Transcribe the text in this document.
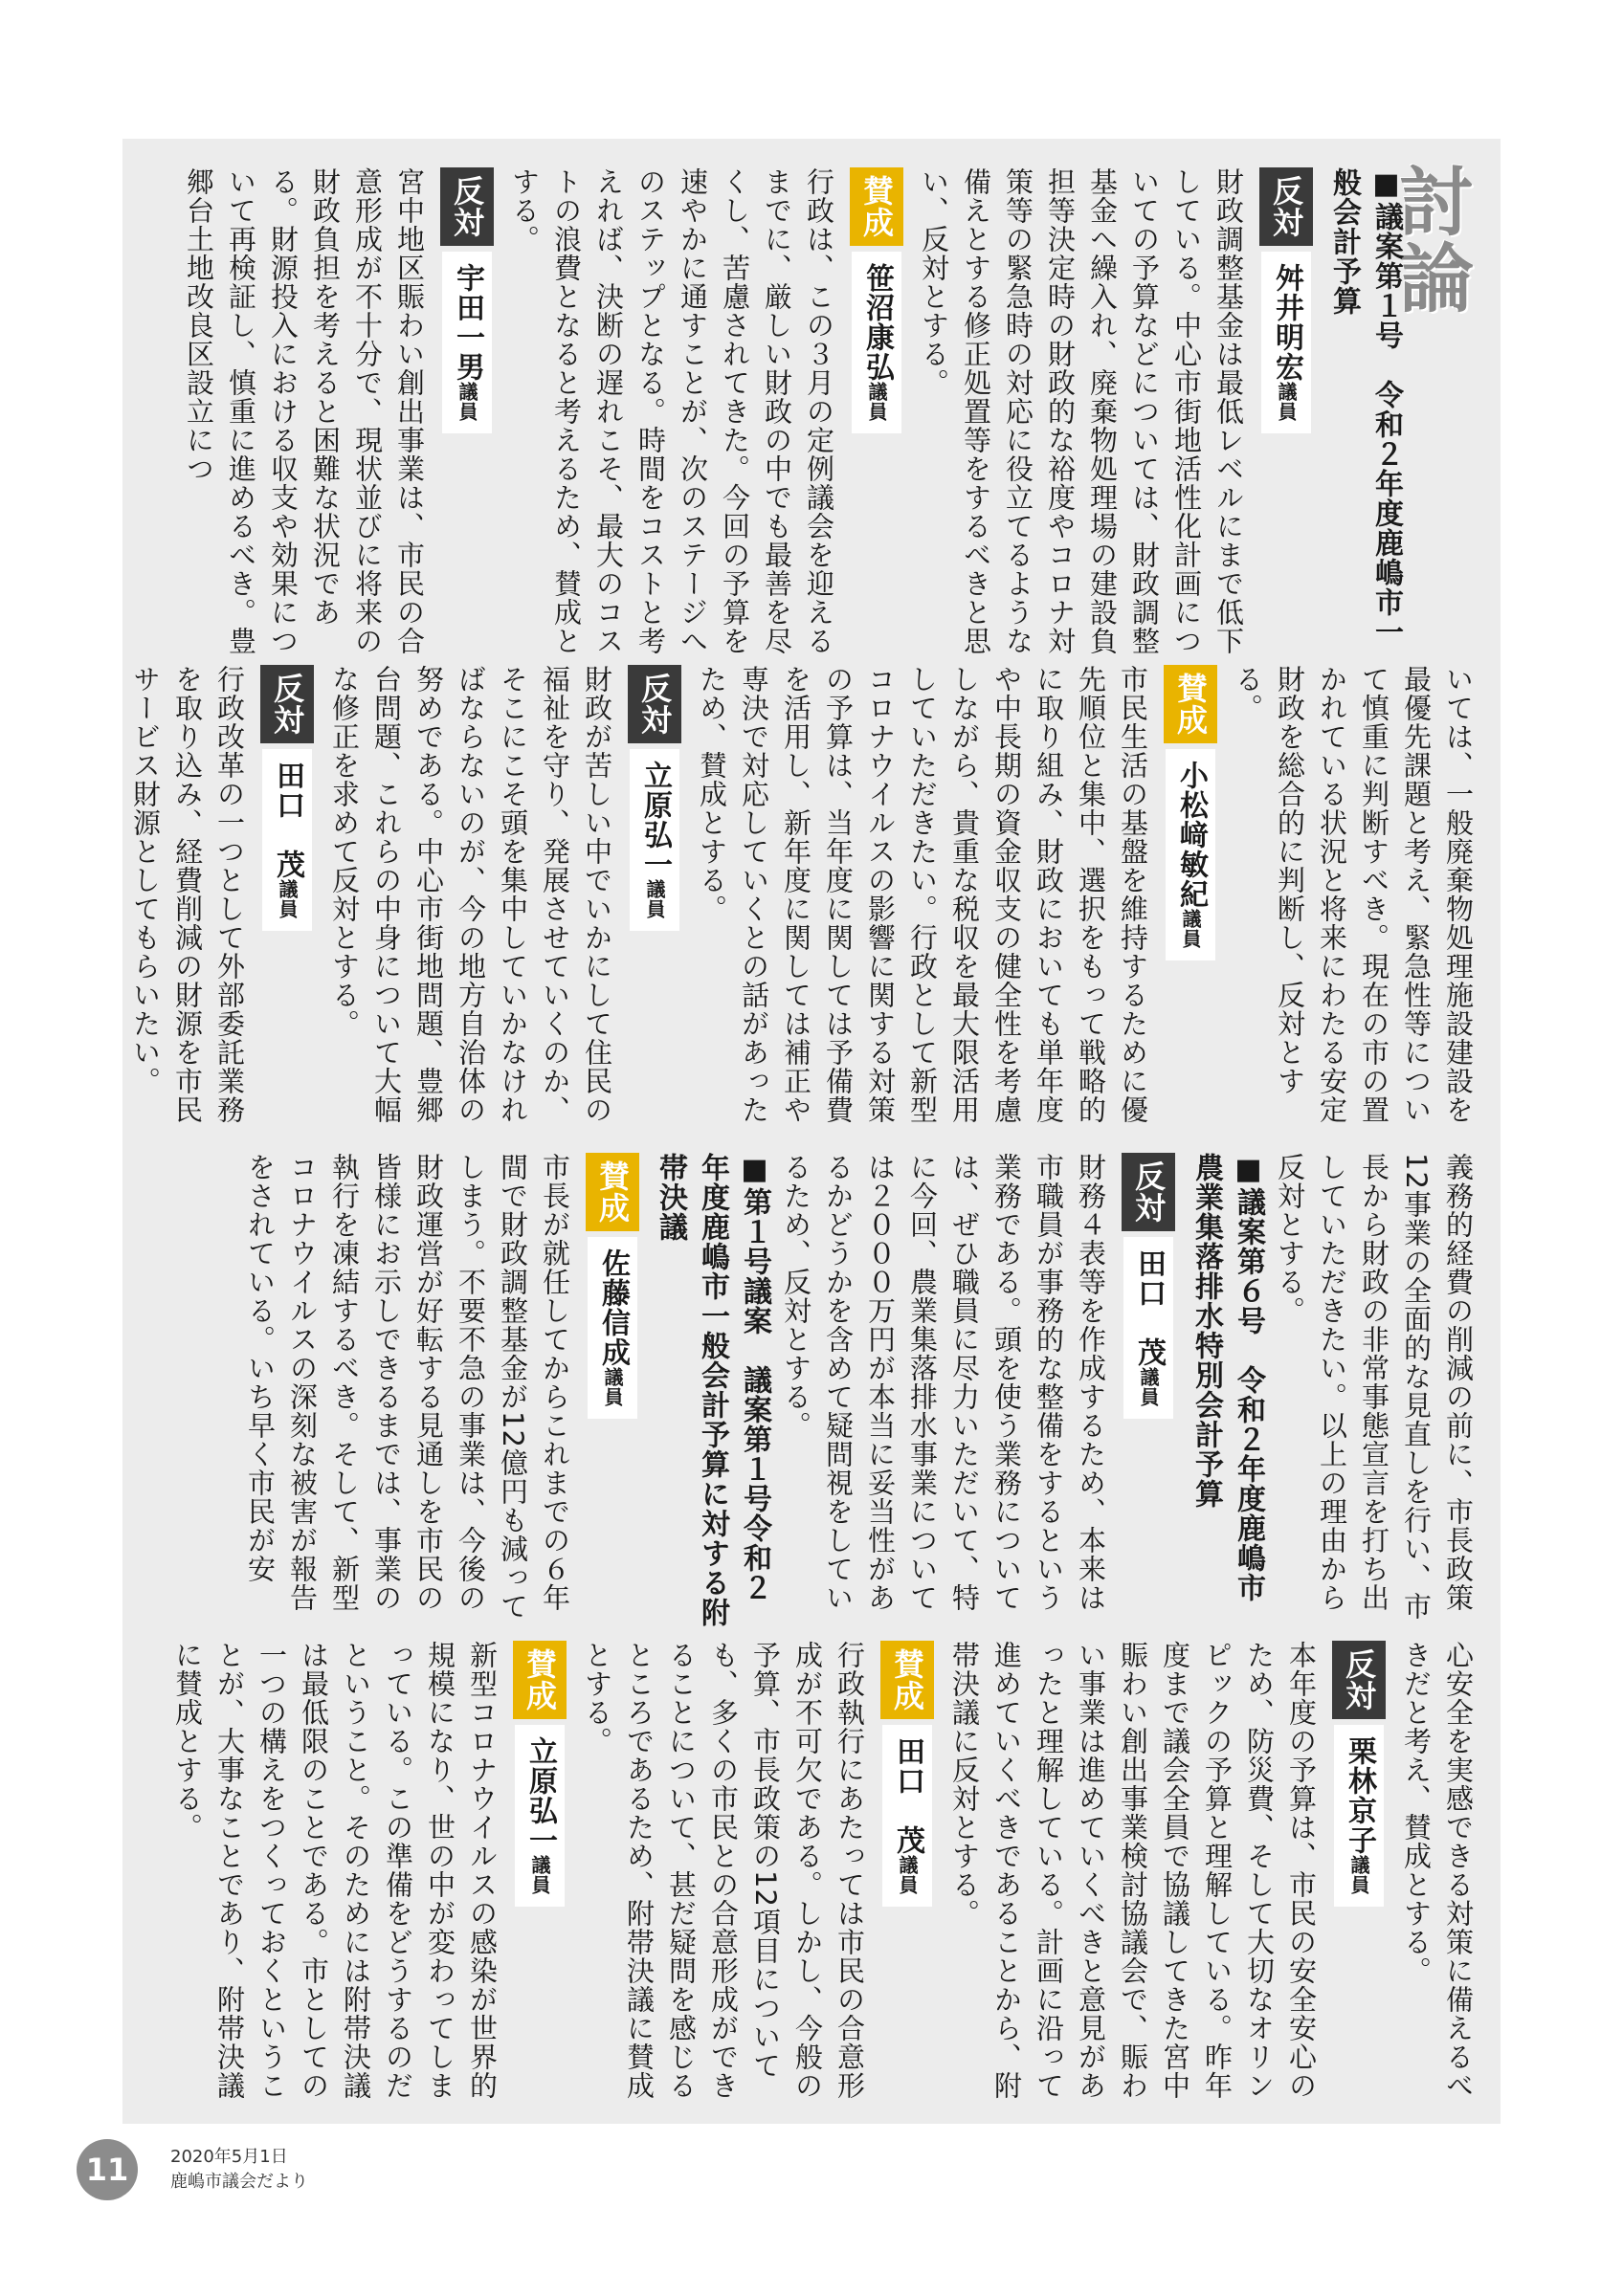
討論

■議案第１号　令和２年度鹿嶋市一般会計予算

反対舛井明宏議員

財政調整基金は最低レベルにまで低下している。中心市街地活性化計画についての予算などについては、財政調整基金へ繰入れ、廃棄物処理場の建設負担等決定時の財政的な裕度やコロナ対策等の緊急時の対応に役立てるような備えとする修正処置等をするべきと思い、反対とする。

賛成笹沼康弘議員

行政は、この３月の定例議会を迎えるまでに、厳しい財政の中でも最善を尽くし、苦慮されてきた。今回の予算を速やかに通すことが、次のステージへのステップとなる。時間をコストと考えれば、決断の遅れこそ、最大のコストの浪費となると考えるため、賛成とする。

反対宇田一男議員

宮中地区賑わい創出事業は、市民の合意形成が不十分で、現状並びに将来の財政負担を考えると困難な状況である。財源投入における収支や効果について再検証し、慎重に進めるべき。豊郷台土地改良区設立につ

いては、一般廃棄物処理施設建設を最優先課題と考え、緊急性等について慎重に判断すべき。現在の市の置かれている状況と将来にわたる安定財政を総合的に判断し、反対とする。

賛成小松﨑敏紀議員

市民生活の基盤を維持するために優先順位と集中、選択をもって戦略的に取り組み、財政においても単年度や中長期の資金収支の健全性を考慮しながら、貴重な税収を最大限活用していただきたい。行政として新型コロナウイルスの影響に関する対策の予算は、当年度に関しては予備費を活用し、新年度に関しては補正や専決で対応していくとの話があったため、賛成とする。

反対立原弘一議員

財政が苦しい中でいかにして住民の福祉を守り、発展させていくのか、そこにこそ頭を集中していかなければならないのが、今の地方自治体の努めである。中心市街地問題、豊郷台問題、これらの中身について大幅な修正を求めて反対とする。

反対田口　茂議員

行政改革の一つとして外部委託業務を取り込み、経費削減の財源を市民サービス財源としてもらいたい。

義務的経費の削減の前に、市長政策12事業の全面的な見直しを行い、市長から財政の非常事態宣言を打ち出していただきたい。以上の理由から反対とする。

■議案第６号　令和２年度鹿嶋市農業集落排水特別会計予算

反対田口　茂議員

財務４表等を作成するため、本来は市職員が事務的な整備をするという業務である。頭を使う業務については、ぜひ職員に尽力いただいて、特に今回、農業集落排水事業については２０００万円が本当に妥当性があるかどうかを含めて疑問視をしているため、反対とする。

■第１号議案　議案第１号令和２年度鹿嶋市一般会計予算に対する附帯決議

賛成佐藤信成議員

市長が就任してからこれまでの６年間で財政調整基金が12億円も減ってしまう。不要不急の事業は、今後の財政運営が好転する見通しを市民の皆様にお示しできるまでは、事業の執行を凍結するべき。そして、新型コロナウイルスの深刻な被害が報告をされている。いち早く市民が安

心安全を実感できる対策に備えるべきだと考え、賛成とする。

反対栗林京子議員

本年度の予算は、市民の安全安心のため、防災費、そして大切なオリンピックの予算と理解している。昨年度まで議会全員で協議してきた宮中賑わい創出事業検討協議会で、賑わい事業は進めていくべきと意見があったと理解している。計画に沿って進めていくべきであることから、附帯決議に反対とする。

賛成田口　茂議員

行政執行にあたっては市民の合意形成が不可欠である。しかし、今般の予算、市長政策の12項目についても、多くの市民との合意形成ができることについて、甚だ疑問を感じるところであるため、附帯決議に賛成とする。

賛成立原弘一議員

新型コロナウイルスの感染が世界的規模になり、世の中が変わってしまっている。この準備をどうするのだということ。そのためには附帯決議は最低限のことである。市としての一つの構えをつくっておくということが、大事なことであり、附帯決議に賛成とする。

11	2020年5月1日
鹿嶋市議会だより
